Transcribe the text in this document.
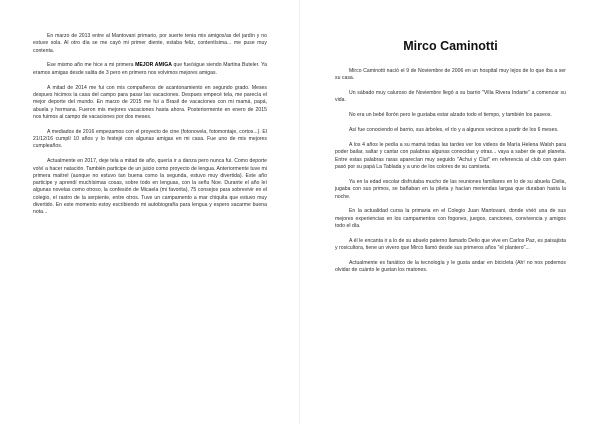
En marzo de 2013 entre al Mantovani primario, por suerte tenia mis amigos/as del jardín y no estuve sola. Al otro día se me cayó mi primer diente, estaba feliz, contentísima... me puse muy contenta.

Ese mismo año me hice a mi primera MEJOR AMIGA que fue/sigue siendo Martina Buteler. Ya eramos amigas desde salita de 3 pero en primero nos volvimos mejores amigas.

A mitad de 2014 me fui con mis compañeros de acantonamiento en segundo grado. Meses despues hicimos la casa del campo para pasar las vacaciones. Despues empecé tela, me parecía el mejor deporte del mundo. En marzo de 2015 me fui a Brasil de vacaciones con mi mamá, papá, abuela y hermana. Fueron mis mejores vacaciones hasta ahora. Posteriormente en enero de 2015 nos fuimos al campo de vacaciones por dos meses.

A mediados de 2016 empezamos con el proyecto de cine (fotonovela, fotomontaje, cortos...). El 21/12/16 cumplí 10 años y lo festejé con algunas amigas en mi casa. Fue uno de mis mejores cumpleaños.

Actualmente en 2017, deje tela a mitad de año, quería ir a danza pero nunca fui. Como deporte volví a hacer natación. También participe de un juicio como proyecto de lengua. Anteriormente tuve mi primera maitrel (aunque no estuvo tan buena como la segunda, estuvo muy divertida). Este año participe y aprendí muchísimas cosas, sobre todo en lenguas, con la señu Noe. Durante el año leí algunas novelas como otroso, la confesión de Micaela (mi favorita), 75 consejos para sobrevivir en el colegio, el rastro de la serpiente, entre otros. Tuve un campamento a mar chiquita que estuvo muy divertido. En este momento estoy escribiendo mi autobiografía para lengua y espero sacarme buena nota...

Mirco Caminotti

Mirco Caminotti nació el 9 de Noviembre de 2006 en un hospital muy lejos de lo que iba a ser su casa.

Un sábado muy caluroso de Noviembre llegó a su barrio "Villa Rivera Indarte" a comenzar su vida.

No era un bebé llorón pero le gustaba estar alzado todo el tiempo, y también los paseos.

Así fue conociendo el barrio, sus árboles, el río y a algunos vecinos a partir de los 6 meses.

A los 4 años le pedía a su mamá todas las tardes ver los videos de María Helena Walsh para poder bailar, saltar y cantar con palabras algunas conocidas y otras... vaya a saber de qué planeta. Entre estas palabras raras aparecían muy seguido "Achui y Clut" en referencia al club con quien pasó por su papá La Tablada y a uno de los colores de su camiseta.

Ya en la edad escolar disfrutaba mucho de las reuniones familiares en lo de su abuela Clelia, jugaba con sus primos, se bañaban en la pileta y hacían meriendas largas que duraban hasta la noche.

En la actualidad cursa la primaria en el Colegio Juan Mantovani, donde vivió una de sus mejores experiencias en los campamentos con fogones, juegos, canciones, convivencia y amigos todo el día.

A él le encanta ir a lo de su abuelo paterno llamado Delio que vive en Carlos Paz, es paisajista y rosicultora, tiene un vivero que Mirco llamó desde sus primeros años "el plantero"...

Actualmente es fanático de la tecnología y le gusta andar en bicicleta (Ah! no nos podemos olvidar de cuánto le gustan los matones.
